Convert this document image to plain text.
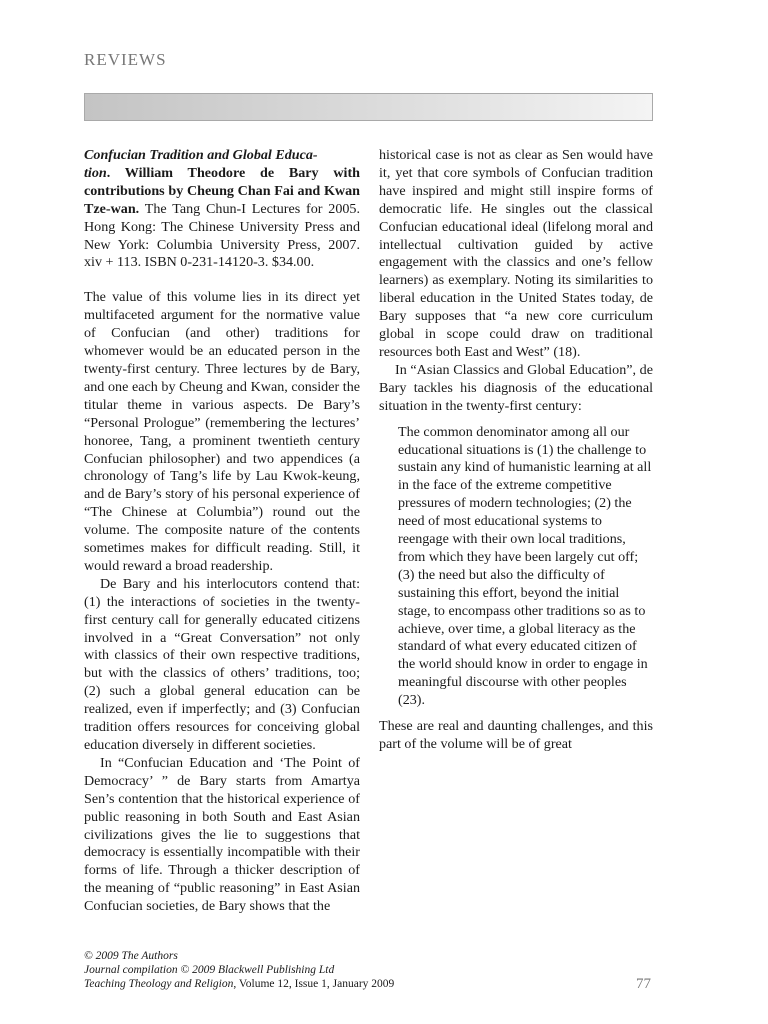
REVIEWS

Confucian Tradition and Global Educa-
tion. William Theodore de Bary with contributions by Cheung Chan Fai and Kwan Tze-wan. The Tang Chun-I Lectures for 2005. Hong Kong: The Chinese University Press and New York: Columbia University Press, 2007. xiv + 113. ISBN 0-231-14120-3. $34.00.

The value of this volume lies in its direct yet multifaceted argument for the normative value of Confucian (and other) traditions for whomever would be an educated person in the twenty-first century. Three lectures by de Bary, and one each by Cheung and Kwan, consider the titular theme in various aspects. De Bary’s “Personal Prologue” (remembering the lectures’ honoree, Tang, a prominent twentieth century Confucian philosopher) and two appendices (a chronology of Tang’s life by Lau Kwok-keung, and de Bary’s story of his personal experience of “The Chinese at Columbia”) round out the volume. The composite nature of the contents sometimes makes for difficult reading. Still, it would reward a broad readership.

De Bary and his interlocutors contend that: (1) the interactions of societies in the twenty-first century call for generally educated citizens involved in a “Great Conversation” not only with classics of their own respective traditions, but with the classics of others’ traditions, too; (2) such a global general education can be realized, even if imperfectly; and (3) Confucian tradition offers resources for conceiving global education diversely in different societies.

In “Confucian Education and ‘The Point of Democracy’ ” de Bary starts from Amartya Sen’s contention that the historical experience of public reasoning in both South and East Asian civilizations gives the lie to suggestions that democracy is essentially incompatible with their forms of life. Through a thicker description of the meaning of “public reasoning” in East Asian Confucian societies, de Bary shows that the

historical case is not as clear as Sen would have it, yet that core symbols of Confucian tradition have inspired and might still inspire forms of democratic life. He singles out the classical Confucian educational ideal (lifelong moral and intellectual cultivation guided by active engagement with the classics and one’s fellow learners) as exemplary. Noting its similarities to liberal education in the United States today, de Bary supposes that “a new core curriculum global in scope could draw on traditional resources both East and West” (18).

In “Asian Classics and Global Education”, de Bary tackles his diagnosis of the educational situation in the twenty-first century:

The common denominator among all our educational situations is (1) the challenge to sustain any kind of humanistic learning at all in the face of the extreme competitive pressures of modern technologies; (2) the need of most educational systems to reengage with their own local traditions, from which they have been largely cut off; (3) the need but also the difficulty of sustaining this effort, beyond the initial stage, to encompass other traditions so as to achieve, over time, a global literacy as the standard of what every educated citizen of the world should know in order to engage in meaningful discourse with other peoples (23).

These are real and daunting challenges, and this part of the volume will be of great

© 2009 The Authors
Journal compilation © 2009 Blackwell Publishing Ltd
Teaching Theology and Religion, Volume 12, Issue 1, January 2009	77
